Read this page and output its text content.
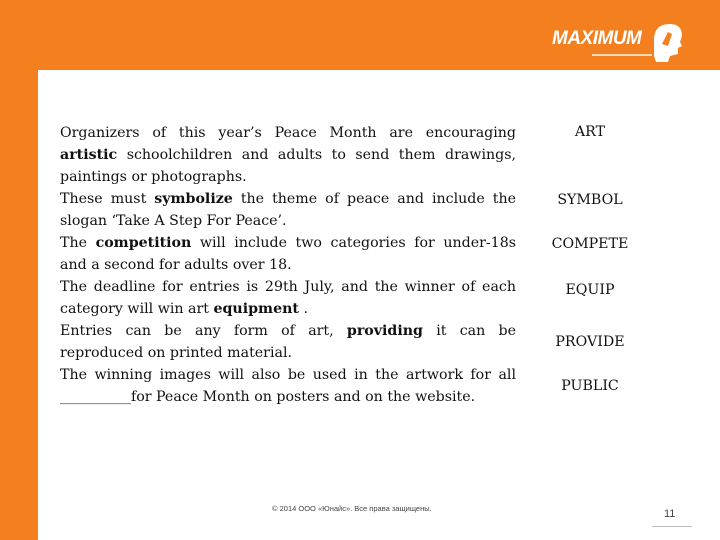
MAXIMUM

Organizers of this year’s Peace Month are encouraging artistic schoolchildren and adults to send them drawings, paintings or photographs.

These must symbolize the theme of peace and include the slogan ‘Take A Step For Peace’.

The competition will include two categories for under-18s and a second for adults over 18.

The deadline for entries is 29th July, and the winner of each category will win art equipment .

Entries can be any form of art, providing it can be reproduced on printed material.

The winning images will also be used in the artwork for all __________for Peace Month on posters and on the website.

ART
SYMBOL
COMPETE
EQUIP
PROVIDE
PUBLIC
© 2014 ООО «Юнайс». Все права защищены.	11
